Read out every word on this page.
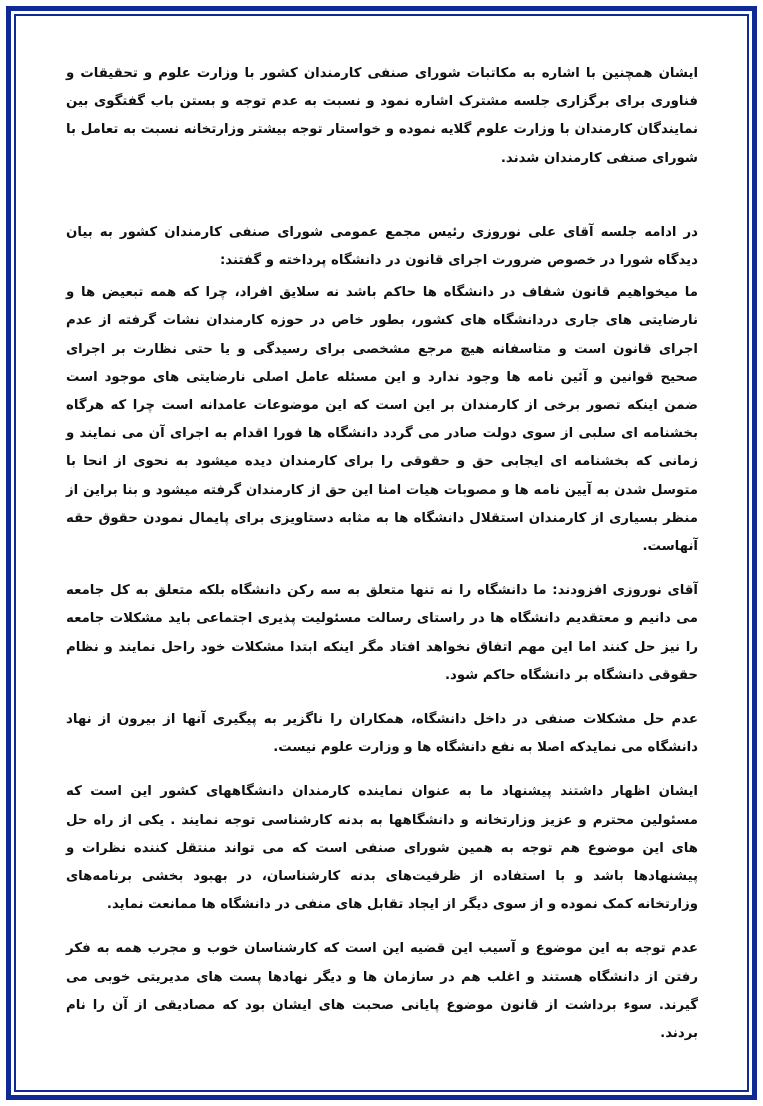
ایشان همچنین با اشاره به مکاتبات شورای صنفی کارمندان کشور با وزارت علوم و تحقیقات و فناوری برای برگزاری جلسه مشترک اشاره نمود و نسبت به عدم توجه و بستن باب گفتگوی بین نمایندگان کارمندان با وزارت علوم گلایه نموده و خواستار توجه بیشتر وزارتخانه نسبت به تعامل با شورای صنفی کارمندان شدند.

در ادامه جلسه آقای علی نوروزی رئیس مجمع عمومی شورای صنفی کارمندان کشور به بیان دیدگاه شورا در خصوص ضرورت اجرای قانون در دانشگاه پرداخته و گفتند:

ما میخواهیم قانون شفاف در دانشگاه ها حاکم باشد نه سلایق افراد، چرا که همه تبعیض ها و نارضایتی های جاری دردانشگاه های کشور، بطور خاص در حوزه کارمندان نشات گرفته از عدم اجرای قانون است و متاسفانه هیچ مرجع مشخصی برای رسیدگی و یا حتی نظارت بر اجرای صحیح قوانین و آئین نامه ها وجود ندارد و این مسئله عامل اصلی نارضایتی های موجود است ضمن اینکه تصور برخی از کارمندان بر این است که این موضوعات عامدانه است چرا که هرگاه بخشنامه ای سلبی از سوی دولت صادر می گردد دانشگاه ها فورا اقدام به اجرای آن می نمایند و زمانی که بخشنامه ای ایجابی حق و حقوقی را برای کارمندان دیده میشود به نحوی از انحا با متوسل شدن به آیین نامه ها و مصوبات هیات امنا این حق از کارمندان گرفته میشود و بنا براین از منظر بسیاری از کارمندان استقلال دانشگاه ها به مثابه دستاویزی برای پایمال نمودن حقوق حقه آنهاست.

آقای نوروزی افزودند: ما دانشگاه را نه تنها متعلق به سه رکن دانشگاه بلکه متعلق به کل جامعه می دانیم و معتقدیم دانشگاه ها در راستای رسالت مسئولیت پذیری اجتماعی باید مشکلات جامعه را نیز حل کنند اما این مهم اتفاق نخواهد افتاد مگر اینکه ابتدا مشکلات خود راحل نمایند و نظام حقوقی دانشگاه بر دانشگاه حاکم شود.

عدم حل مشکلات صنفی در داخل دانشگاه، همکاران را ناگزیر به پیگیری آنها از بیرون از نهاد دانشگاه می نمایدکه اصلا به نفع دانشگاه ها و وزارت علوم نیست.

ایشان اظهار داشتند پیشنهاد ما به عنوان نماینده کارمندان دانشگاههای کشور این است که مسئولین محترم و عزیز وزارتخانه و دانشگاهها به بدنه کارشناسی توجه نمایند . یکی از راه حل های این موضوع هم توجه به همین شورای صنفی است که می تواند منتقل کننده نظرات و پیشنهادها باشد و با استفاده از ظرفیت‌های بدنه کارشناسان، در بهبود بخشی برنامه‌های وزارتخانه کمک نموده و از سوی دیگر از ایجاد تقابل های منفی در دانشگاه ها ممانعت نماید.

عدم توجه به این موضوع و آسیب این قضیه این است که کارشناسان خوب و مجرب همه به فکر رفتن از دانشگاه هستند و اغلب هم در سازمان ها و دیگر نهادها پست های مدیریتی خوبی می گیرند. سوء برداشت از قانون موضوع پایانی صحبت های ایشان بود که مصادیقی از آن را نام بردند.
